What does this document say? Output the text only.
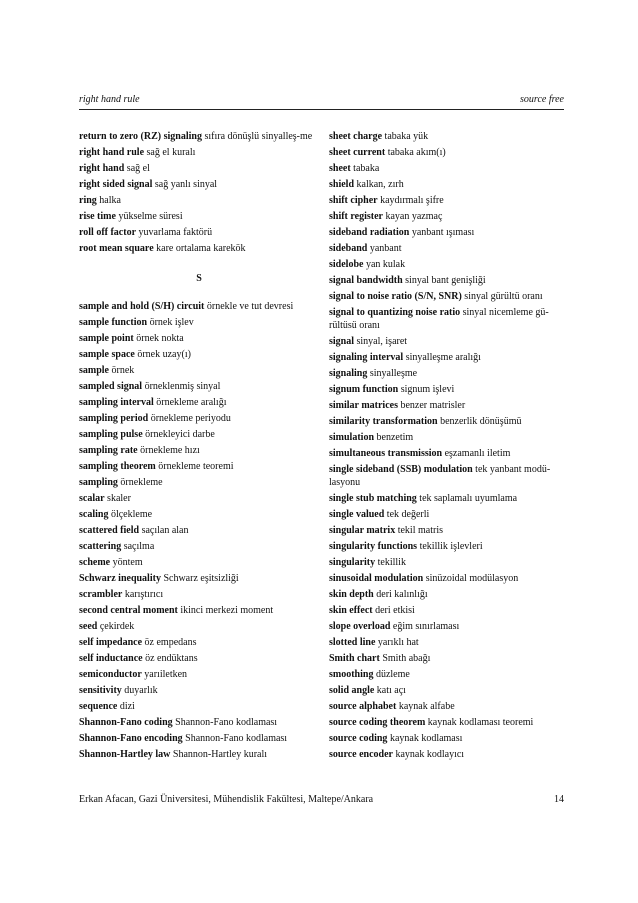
right hand rule	source free
return to zero (RZ) signaling sıfıra dönüşlü sinyalleş-me
right hand rule sağ el kuralı
right hand sağ el
right sided signal sağ yanlı sinyal
ring halka
rise time yükselme süresi
roll off factor yuvarlama faktörü
root mean square kare ortalama karekök
S
sample and hold (S/H) circuit örnekle ve tut devresi
sample function örnek işlev
sample point örnek nokta
sample space örnek uzay(ı)
sample örnek
sampled signal örneklenmiş sinyal
sampling interval örnekleme aralığı
sampling period örnekleme periyodu
sampling pulse örnekleyici darbe
sampling rate örnekleme hızı
sampling theorem örnekleme teoremi
sampling örnekleme
scalar skaler
scaling ölçekleme
scattered field saçılan alan
scattering saçılma
scheme yöntem
Schwarz inequality Schwarz eşitsizliği
scrambler karıştırıcı
second central moment ikinci merkezi moment
seed çekirdek
self impedance öz empedans
self inductance öz endüktans
semiconductor yarıiletken
sensitivity duyarlık
sequence dizi
Shannon-Fano coding Shannon-Fano kodlaması
Shannon-Fano encoding Shannon-Fano kodlaması
Shannon-Hartley law Shannon-Hartley kuralı
sheet charge tabaka yük
sheet current tabaka akım(ı)
sheet tabaka
shield kalkan, zırh
shift cipher kaydırmalı şifre
shift register kayan yazmaç
sideband radiation yanbant ışıması
sideband yanbant
sidelobe yan kulak
signal bandwidth sinyal bant genişliği
signal to noise ratio (S/N, SNR) sinyal gürültü oranı
signal to quantizing noise ratio sinyal nicemleme gü-rültüsü oranı
signal sinyal, işaret
signaling interval sinyalleşme aralığı
signaling sinyalleşme
signum function signum işlevi
similar matrices benzer matrisler
similarity transformation benzerlik dönüşümü
simulation benzetim
simultaneous transmission eşzamanlı iletim
single sideband (SSB) modulation tek yanbant modü-lasyonu
single stub matching tek saplamalı uyumlama
single valued tek değerli
singular matrix tekil matris
singularity functions tekillik işlevleri
singularity tekillik
sinusoidal modulation sinüzoidal modülasyon
skin depth deri kalınlığı
skin effect deri etkisi
slope overload eğim sınırlaması
slotted line yarıklı hat
Smith chart Smith abağı
smoothing düzleme
solid angle katı açı
source alphabet kaynak alfabe
source coding theorem kaynak kodlaması teoremi
source coding kaynak kodlaması
source encoder kaynak kodlayıcı
Erkan Afacan, Gazi Üniversitesi, Mühendislik Fakültesi, Maltepe/Ankara	14
